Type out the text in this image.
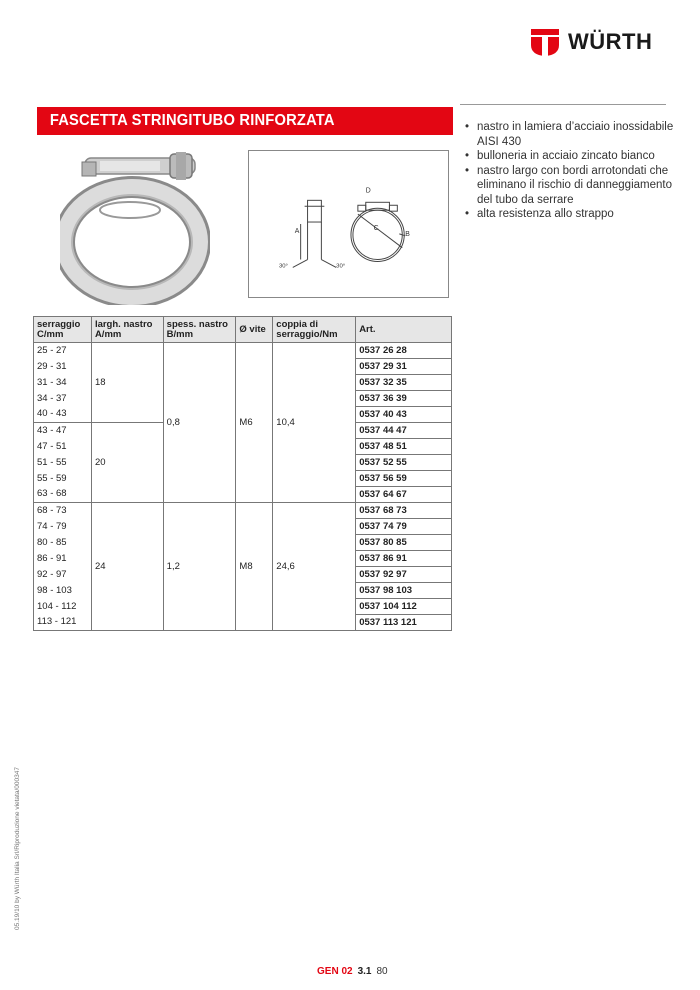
WÜRTH
FASCETTA STRINGITUBO RINFORZATA	• nastro in lamiera d’acciaio inossidabile AISI 430
• bulloneria in acciaio zincato bianco
• nastro largo con bordi arrotondati che eliminano il rischio di danneggiamento del tubo da serrare
• alta resistenza allo strappo
A
D
C
B
30°	30°
serraggio C/mm	largh. nastro A/mm	spess. nastro B/mm	Ø vite	coppia di serraggio/Nm	Art.
25 - 27	18	0,8	M6	10,4	0537 26 28
29 - 31					0537 29 31
31 - 34					0537 32 35
34 - 37					0537 36 39
40 - 43					0537 40 43
43 - 47	20				0537 44 47
47 - 51					0537 48 51
51 - 55					0537 52 55
55 - 59					0537 56 59
63 - 68					0537 64 67
68 - 73	24	1,2	M8	24,6	0537 68 73
74 - 79					0537 74 79
80 - 85					0537 80 85
86 - 91					0537 86 91
92 - 97					0537 92 97
98 - 103					0537 98 103
104 - 112					0537 104 112
113 - 121					0537 113 121
05.19/10 by Würth Italia Srl/Riproduzione vietata/000347
GEN 02 3.1 80
